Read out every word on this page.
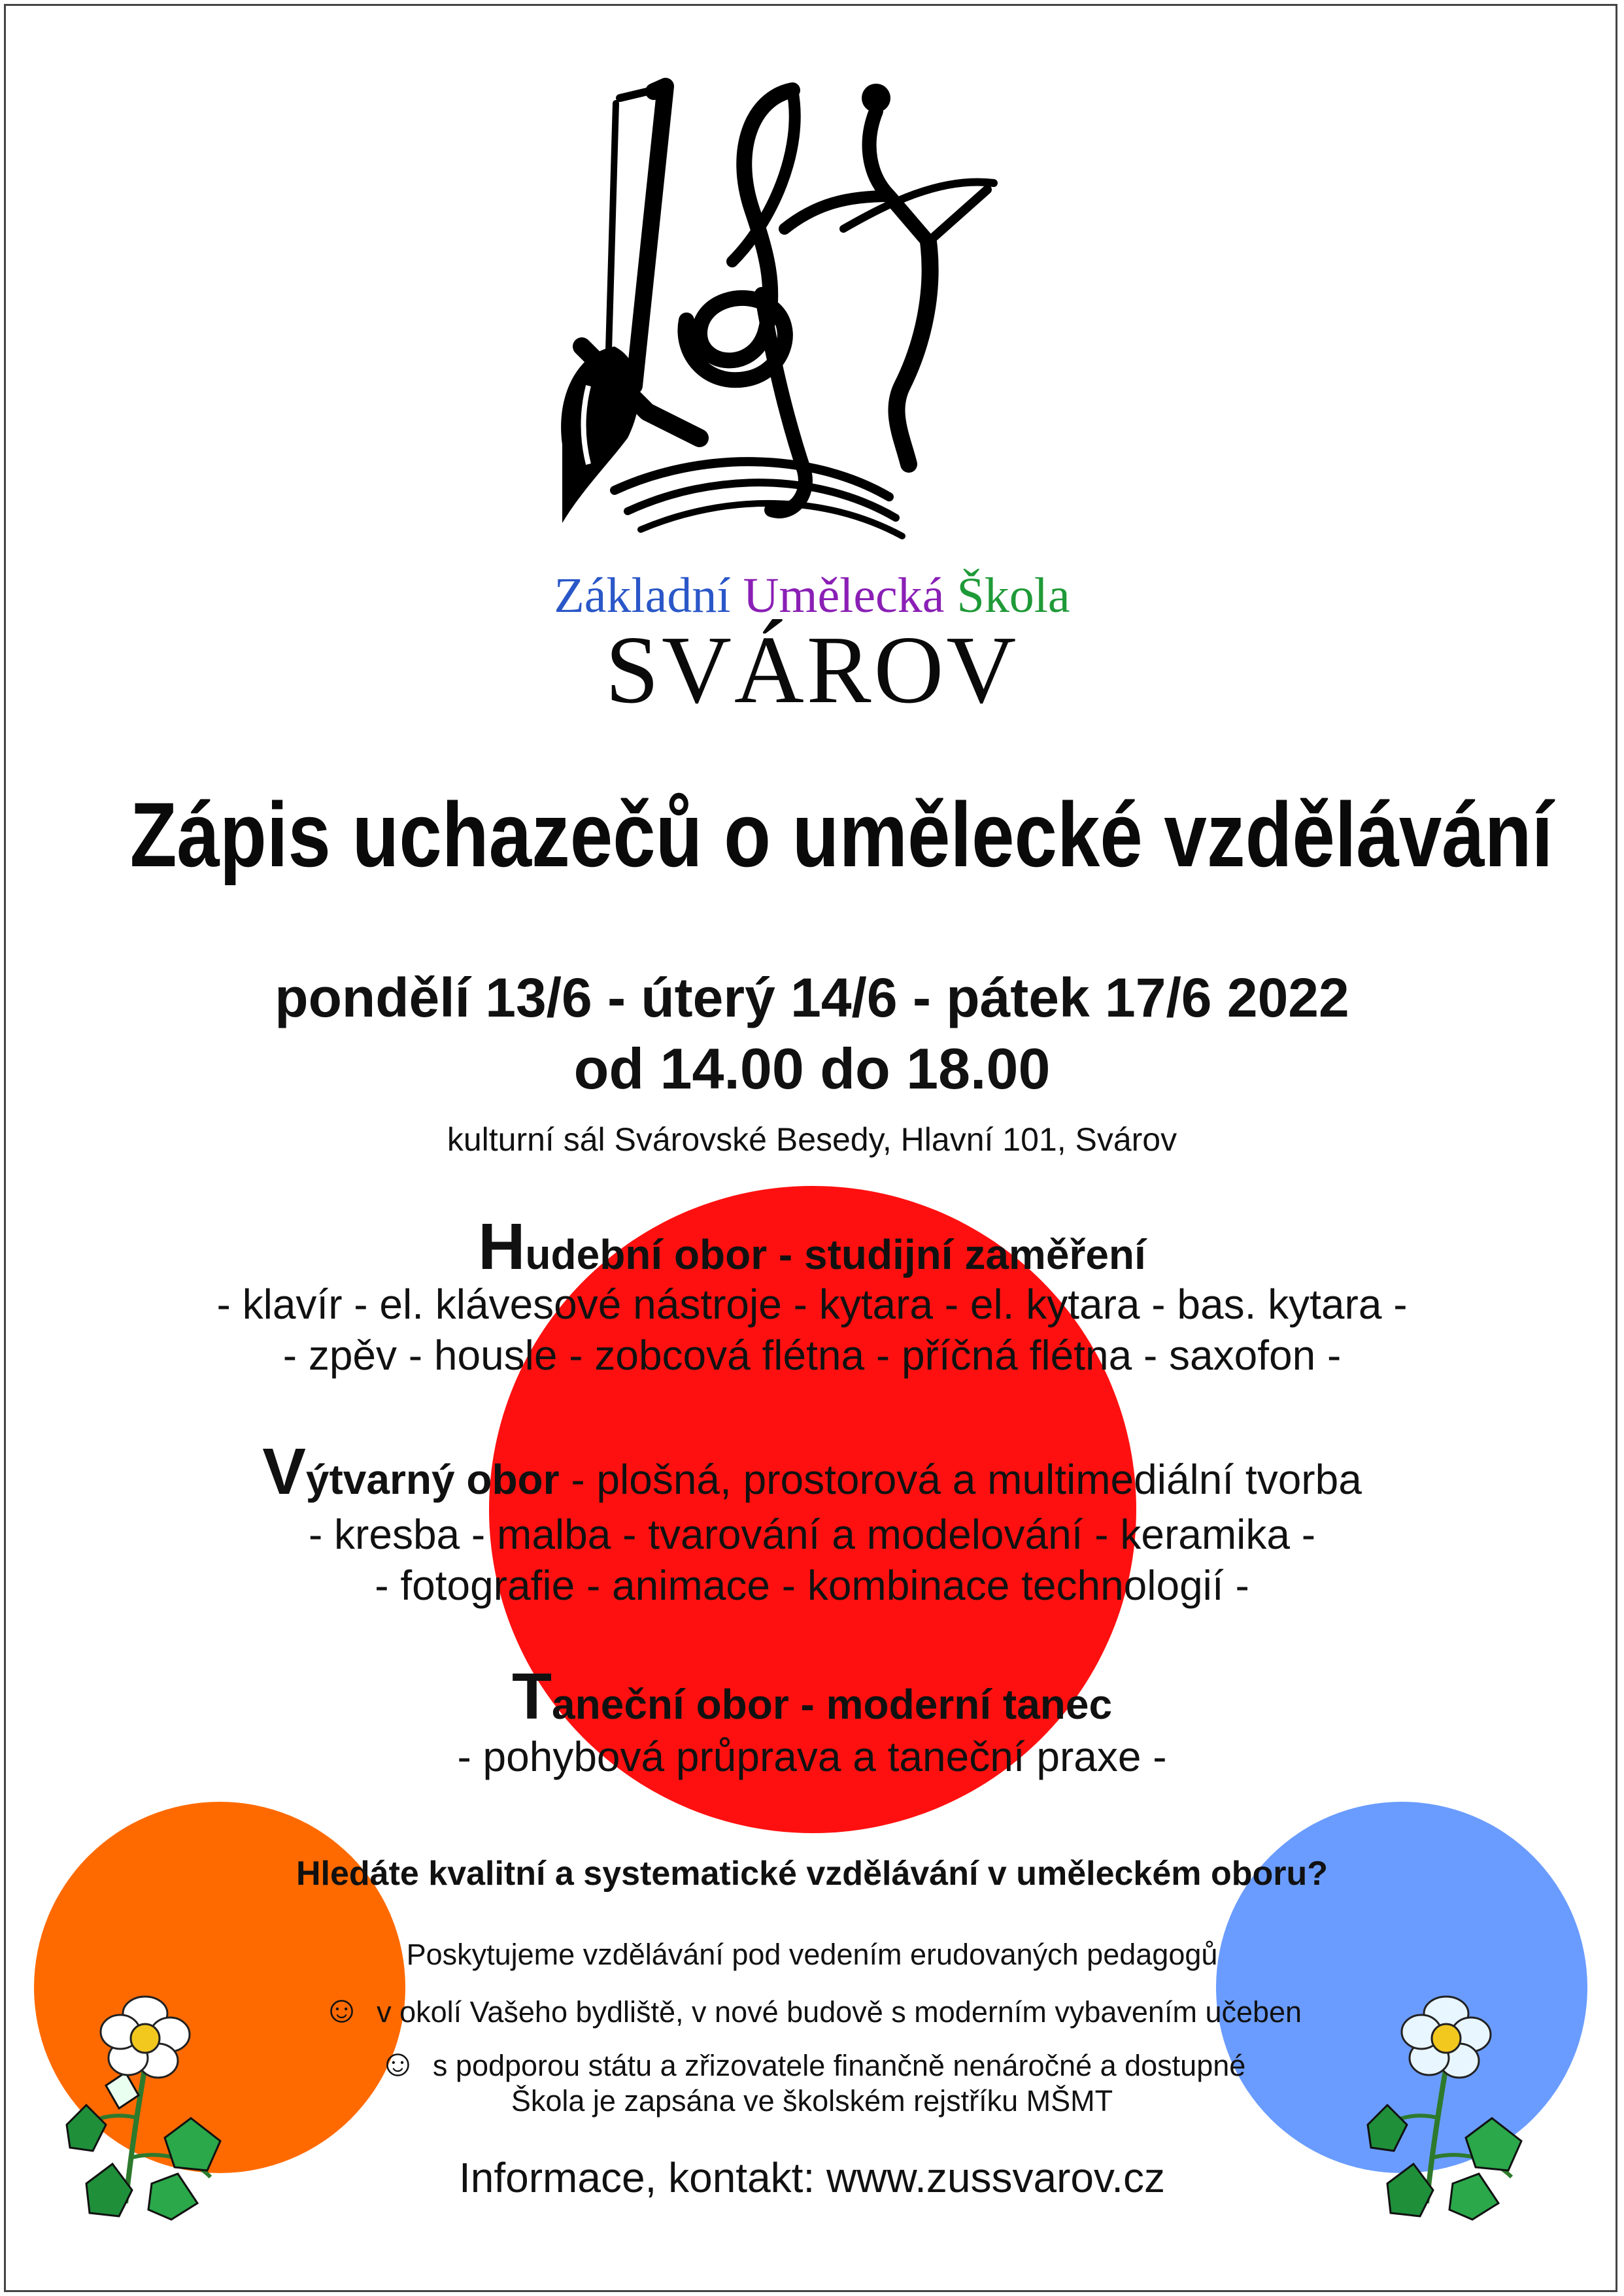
Základní Umělecká Škola
SVÁROV
Zápis uchazečů o umělecké vzdělávání
pondělí 13/6 - úterý 14/6 - pátek 17/6 2022
od 14.00 do 18.00
kulturní sál Svárovské Besedy, Hlavní 101, Svárov
Hudební obor - studijní zaměření
- klavír - el. klávesové nástroje - kytara - el. kytara - bas. kytara -
- zpěv - housle - zobcová flétna - příčná flétna - saxofon -
Výtvarný obor - plošná, prostorová a multimediální tvorba
- kresba - malba - tvarování a modelování - keramika -
- fotografie - animace - kombinace technologií -
Taneční obor - moderní tanec
- pohybová průprava a taneční praxe -
Hledáte kvalitní a systematické vzdělávání v uměleckém oboru?
Poskytujeme vzdělávání pod vedením erudovaných pedagogů
☺ v okolí Vašeho bydliště, v nové budově s moderním vybavením učeben
☺ s podporou státu a zřizovatele finančně nenáročné a dostupné
Škola je zapsána ve školském rejstříku MŠMT
Informace, kontakt: www.zussvarov.cz
